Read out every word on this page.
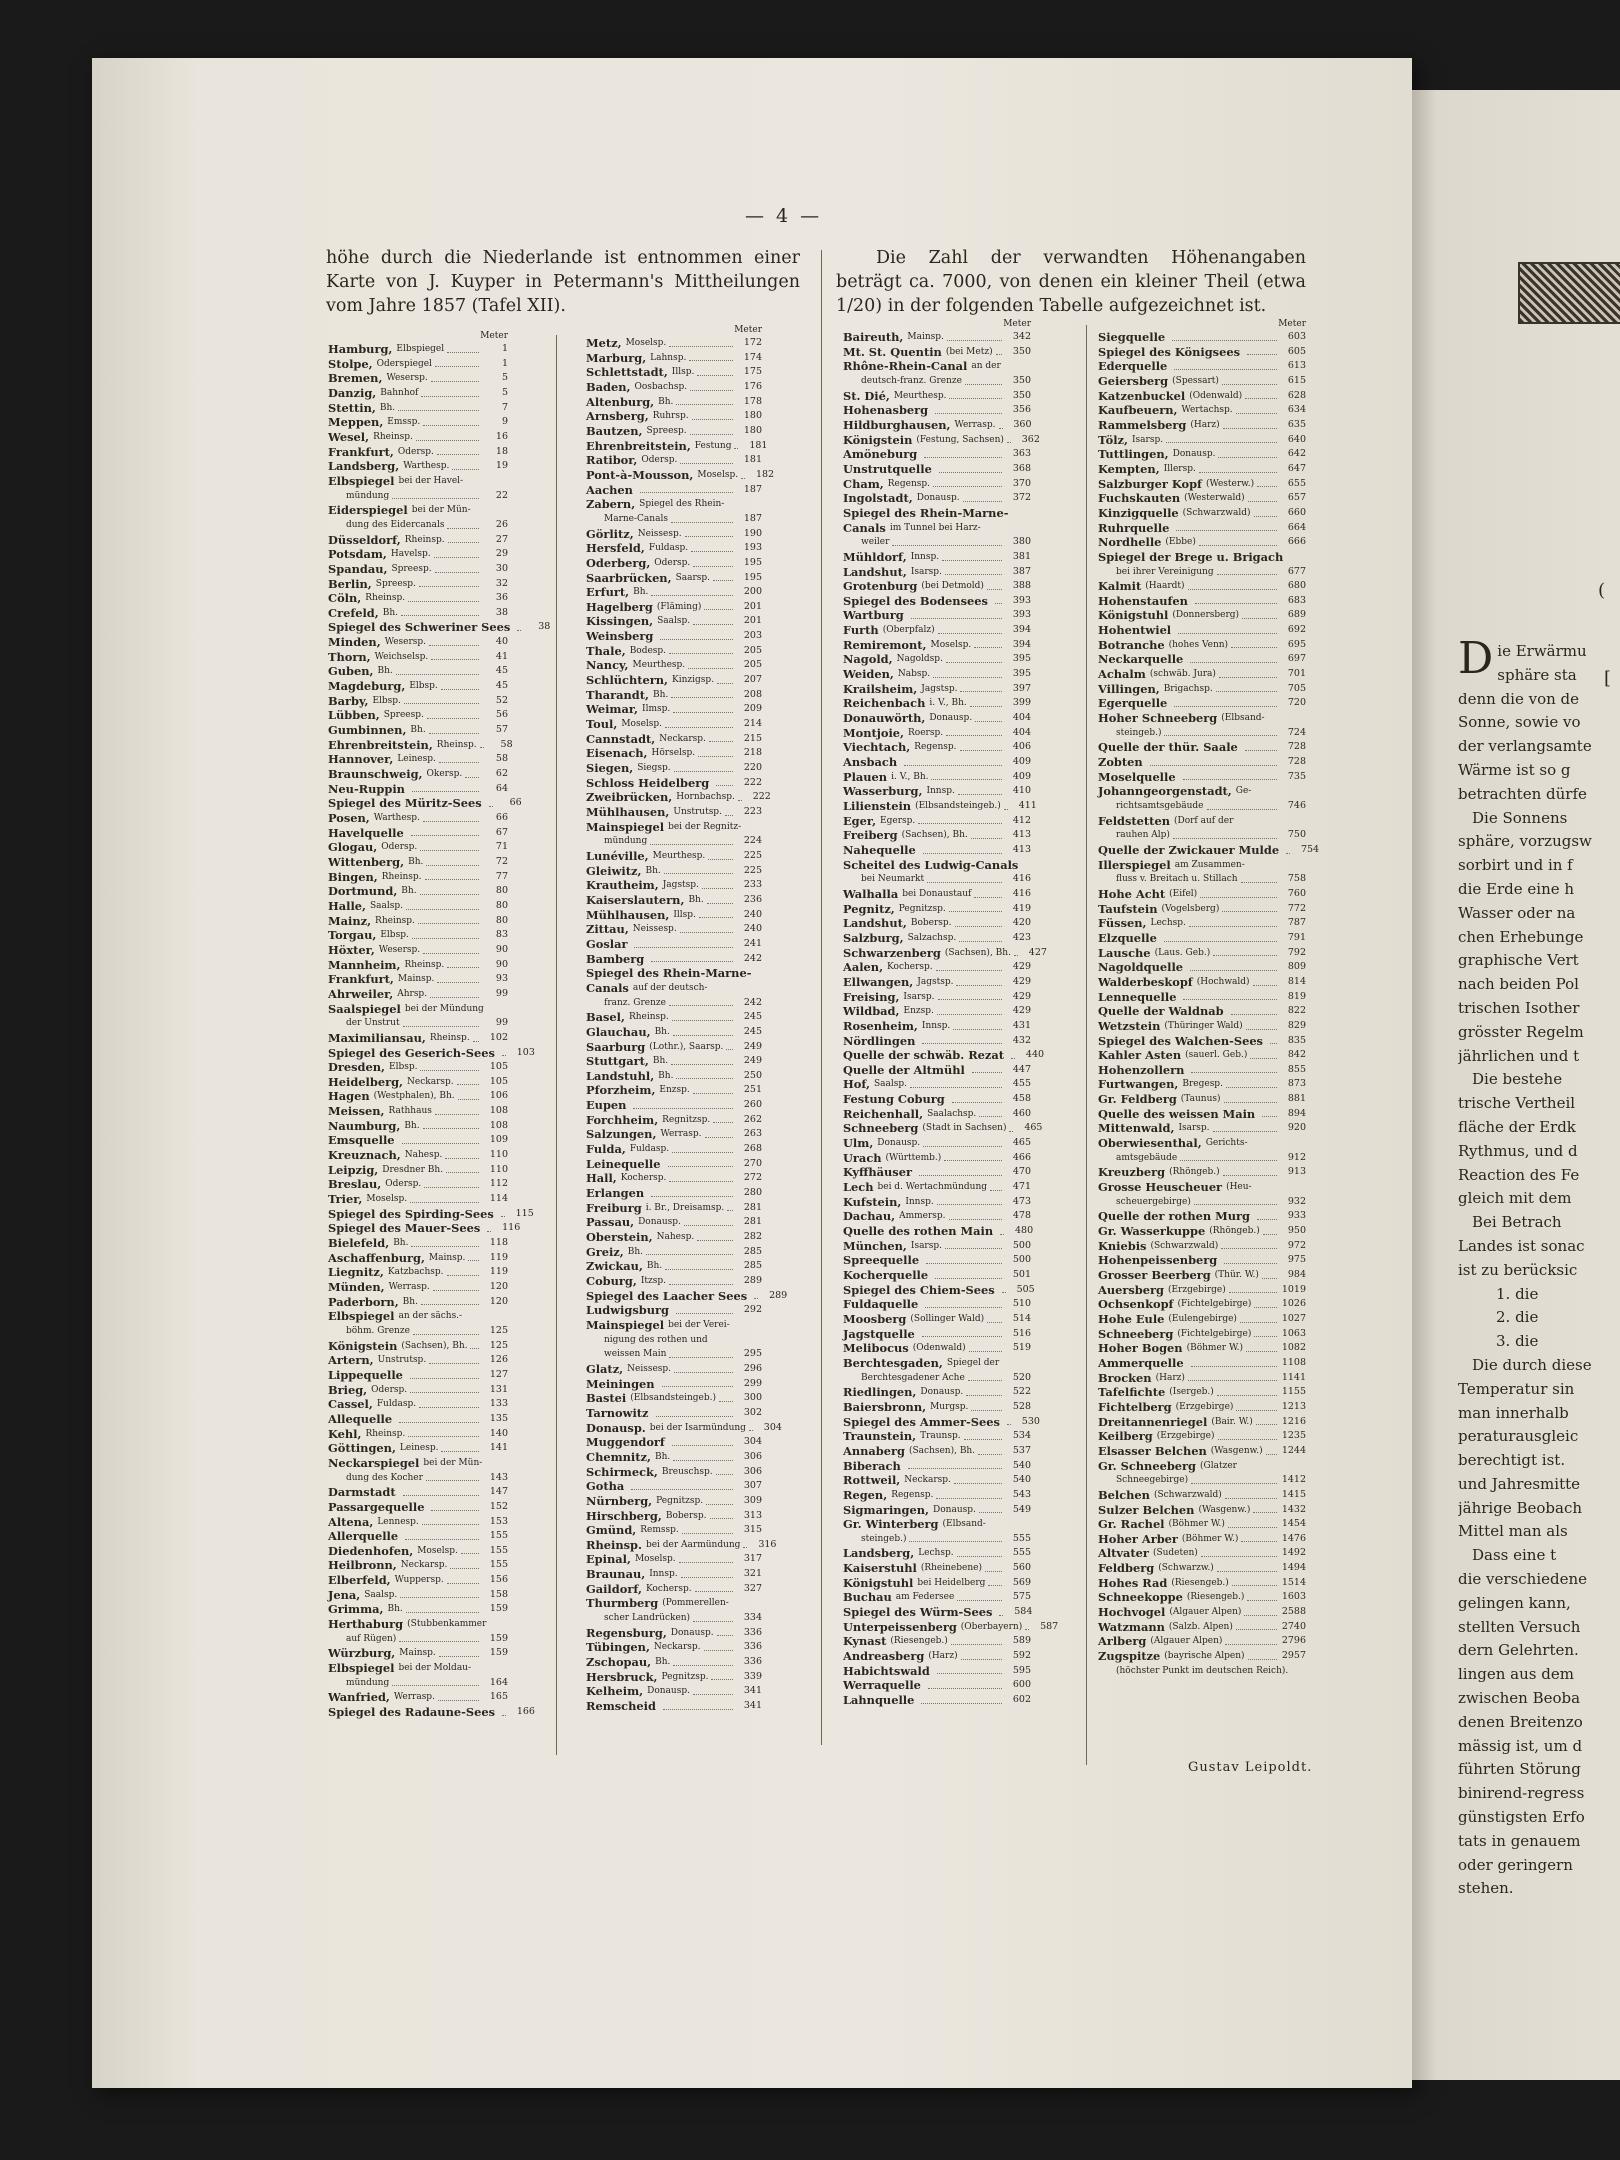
— 4 —
höhe durch die Niederlande ist entnommen einer Karte von J. Kuyper in Petermann's Mittheilungen vom Jahre 1857 (Tafel XII).
Die Zahl der verwandten Höhenangaben beträgt ca. 7000, von denen ein kleiner Theil (etwa 1/20) in der folgenden Tabelle aufgezeichnet ist.
Meter
Hamburg, Elbspiegel	1
Stolpe, Oderspiegel	1
Bremen, Wesersp.	5
Danzig, Bahnhof	5
Stettin, Bh.	7
Meppen, Emssp.	9
Wesel, Rheinsp.	16
Frankfurt, Odersp.	18
Landsberg, Warthesp.	19
Elbspiegel bei der Havel-
mündung	22
Eiderspiegel bei der Mün-
dung des Eidercanals	26
Düsseldorf, Rheinsp.	27
Potsdam, Havelsp.	29
Spandau, Spreesp.	30
Berlin, Spreesp.	32
Cöln, Rheinsp.	36
Crefeld, Bh.	38
Spiegel des Schweriner Sees	38
Minden, Wesersp.	40
Thorn, Weichselsp.	41
Guben, Bh.	45
Magdeburg, Elbsp.	45
Barby, Elbsp.	52
Lübben, Spreesp.	56
Gumbinnen, Bh.	57
Ehrenbreitstein, Rheinsp.	58
Hannover, Leinesp.	58
Braunschweig, Okersp.	62
Neu-Ruppin	64
Spiegel des Müritz-Sees	66
Posen, Warthesp.	66
Havelquelle	67
Glogau, Odersp.	71
Wittenberg, Bh.	72
Bingen, Rheinsp.	77
Dortmund, Bh.	80
Halle, Saalsp.	80
Mainz, Rheinsp.	80
Torgau, Elbsp.	83
Höxter, Wesersp.	90
Mannheim, Rheinsp.	90
Frankfurt, Mainsp.	93
Ahrweiler, Ahrsp.	99
Saalspiegel bei der Mündung
der Unstrut	99
Maximiliansau, Rheinsp.	102
Spiegel des Geserich-Sees	103
Dresden, Elbsp.	105
Heidelberg, Neckarsp.	105
Hagen (Westphalen), Bh.	106
Meissen, Rathhaus	108
Naumburg, Bh.	108
Emsquelle	109
Kreuznach, Nahesp.	110
Leipzig, Dresdner Bh.	110
Breslau, Odersp.	112
Trier, Moselsp.	114
Spiegel des Spirding-Sees	115
Spiegel des Mauer-Sees	116
Bielefeld, Bh.	118
Aschaffenburg, Mainsp.	119
Liegnitz, Katzbachsp.	119
Münden, Werrasp.	120
Paderborn, Bh.	120
Elbspiegel an der sächs.-
böhm. Grenze	125
Königstein (Sachsen), Bh.	125
Artern, Unstrutsp.	126
Lippequelle	127
Brieg, Odersp.	131
Cassel, Fuldasp.	133
Allequelle	135
Kehl, Rheinsp.	140
Göttingen, Leinesp.	141
Neckarspiegel bei der Mün-
dung des Kocher	143
Darmstadt	147
Passargequelle	152
Altena, Lennesp.	153
Allerquelle	155
Diedenhofen, Moselsp.	155
Heilbronn, Neckarsp.	155
Elberfeld, Wuppersp.	156
Jena, Saalsp.	158
Grimma, Bh.	159
Herthaburg (Stubbenkammer
auf Rügen)	159
Würzburg, Mainsp.	159
Elbspiegel bei der Moldau-
mündung	164
Wanfried, Werrasp.	165
Spiegel des Radaune-Sees	166
Meter
Metz, Moselsp.	172
Marburg, Lahnsp.	174
Schlettstadt, Illsp.	175
Baden, Oosbachsp.	176
Altenburg, Bh.	178
Arnsberg, Ruhrsp.	180
Bautzen, Spreesp.	180
Ehrenbreitstein, Festung	181
Ratibor, Odersp.	181
Pont-à-Mousson, Moselsp.	182
Aachen	187
Zabern, Spiegel des Rhein-
Marne-Canals	187
Görlitz, Neissesp.	190
Hersfeld, Fuldasp.	193
Oderberg, Odersp.	195
Saarbrücken, Saarsp.	195
Erfurt, Bh.	200
Hagelberg (Fläming)	201
Kissingen, Saalsp.	201
Weinsberg	203
Thale, Bodesp.	205
Nancy, Meurthesp.	205
Schlüchtern, Kinzigsp.	207
Tharandt, Bh.	208
Weimar, Ilmsp.	209
Toul, Moselsp.	214
Cannstadt, Neckarsp.	215
Eisenach, Hörselsp.	218
Siegen, Siegsp.	220
Schloss Heidelberg	222
Zweibrücken, Hornbachsp.	222
Mühlhausen, Unstrutsp.	223
Mainspiegel bei der Regnitz-
mündung	224
Lunéville, Meurthesp.	225
Gleiwitz, Bh.	225
Krautheim, Jagstsp.	233
Kaiserslautern, Bh.	236
Mühlhausen, Illsp.	240
Zittau, Neissesp.	240
Goslar	241
Bamberg	242
Spiegel des Rhein-Marne-
Canals auf der deutsch-
franz. Grenze	242
Basel, Rheinsp.	245
Glauchau, Bh.	245
Saarburg (Lothr.), Saarsp.	249
Stuttgart, Bh.	249
Landstuhl, Bh.	250
Pforzheim, Enzsp.	251
Eupen	260
Forchheim, Regnitzsp.	262
Salzungen, Werrasp.	263
Fulda, Fuldasp.	268
Leinequelle	270
Hall, Kochersp.	272
Erlangen	280
Freiburg i. Br., Dreisamsp.	281
Passau, Donausp.	281
Oberstein, Nahesp.	282
Greiz, Bh.	285
Zwickau, Bh.	285
Coburg, Itzsp.	289
Spiegel des Laacher Sees	289
Ludwigsburg	292
Mainspiegel bei der Verei-
nigung des rothen und
weissen Main	295
Glatz, Neissesp.	296
Meiningen	299
Bastei (Elbsandsteingeb.)	300
Tarnowitz	302
Donausp. bei der Isarmündung	304
Muggendorf	304
Chemnitz, Bh.	306
Schirmeck, Breuschsp.	306
Gotha	307
Nürnberg, Pegnitzsp.	309
Hirschberg, Bobersp.	313
Gmünd, Remssp.	315
Rheinsp. bei der Aarmündung	316
Epinal, Moselsp.	317
Braunau, Innsp.	321
Gaildorf, Kochersp.	327
Thurmberg (Pommerellen-
scher Landrücken)	334
Regensburg, Donausp.	336
Tübingen, Neckarsp.	336
Zschopau, Bh.	336
Hersbruck, Pegnitzsp.	339
Kelheim, Donausp.	341
Remscheid	341
Meter
Baireuth, Mainsp.	342
Mt. St. Quentin (bei Metz)	350
Rhône-Rhein-Canal an der
deutsch-franz. Grenze	350
St. Dié, Meurthesp.	350
Hohenasberg	356
Hildburghausen, Werrasp.	360
Königstein (Festung, Sachsen)	362
Amöneburg	363
Unstrutquelle	368
Cham, Regensp.	370
Ingolstadt, Donausp.	372
Spiegel des Rhein-Marne-
Canals im Tunnel bei Harz-
weiler	380
Mühldorf, Innsp.	381
Landshut, Isarsp.	387
Grotenburg (bei Detmold)	388
Spiegel des Bodensees	393
Wartburg	393
Furth (Oberpfalz)	394
Remiremont, Moselsp.	394
Nagold, Nagoldsp.	395
Weiden, Nabsp.	395
Krailsheim, Jagstsp.	397
Reichenbach i. V., Bh.	399
Donauwörth, Donausp.	404
Montjoie, Roersp.	404
Viechtach, Regensp.	406
Ansbach	409
Plauen i. V., Bh.	409
Wasserburg, Innsp.	410
Lilienstein (Elbsandsteingeb.)	411
Eger, Egersp.	412
Freiberg (Sachsen), Bh.	413
Nahequelle	413
Scheitel des Ludwig-Canals
bei Neumarkt	416
Walhalla bei Donaustauf	416
Pegnitz, Pegnitzsp.	419
Landshut, Bobersp.	420
Salzburg, Salzachsp.	423
Schwarzenberg (Sachsen), Bh.	427
Aalen, Kochersp.	429
Ellwangen, Jagstsp.	429
Freising, Isarsp.	429
Wildbad, Enzsp.	429
Rosenheim, Innsp.	431
Nördlingen	432
Quelle der schwäb. Rezat	440
Quelle der Altmühl	447
Hof, Saalsp.	455
Festung Coburg	458
Reichenhall, Saalachsp.	460
Schneeberg (Stadt in Sachsen)	465
Ulm, Donausp.	465
Urach (Württemb.)	466
Kyffhäuser	470
Lech bei d. Wertachmündung	471
Kufstein, Innsp.	473
Dachau, Ammersp.	478
Quelle des rothen Main	480
München, Isarsp.	500
Spreequelle	500
Kocherquelle	501
Spiegel des Chiem-Sees	505
Fuldaquelle	510
Moosberg (Sollinger Wald)	514
Jagstquelle	516
Melibocus (Odenwald)	519
Berchtesgaden, Spiegel der
Berchtesgadener Ache	520
Riedlingen, Donausp.	522
Baiersbronn, Murgsp.	528
Spiegel des Ammer-Sees	530
Traunstein, Traunsp.	534
Annaberg (Sachsen), Bh.	537
Biberach	540
Rottweil, Neckarsp.	540
Regen, Regensp.	543
Sigmaringen, Donausp.	549
Gr. Winterberg (Elbsand-
steingeb.)	555
Landsberg, Lechsp.	555
Kaiserstuhl (Rheinebene)	560
Königstuhl bei Heidelberg	569
Buchau am Federsee	575
Spiegel des Würm-Sees	584
Unterpeissenberg (Oberbayern)	587
Kynast (Riesengeb.)	589
Andreasberg (Harz)	592
Habichtswald	595
Werraquelle	600
Lahnquelle	602
Meter
Siegquelle	603
Spiegel des Königsees	605
Ederquelle	613
Geiersberg (Spessart)	615
Katzenbuckel (Odenwald)	628
Kaufbeuern, Wertachsp.	634
Rammelsberg (Harz)	635
Tölz, Isarsp.	640
Tuttlingen, Donausp.	642
Kempten, Illersp.	647
Salzburger Kopf (Westerw.)	655
Fuchskauten (Westerwald)	657
Kinzigquelle (Schwarzwald)	660
Ruhrquelle	664
Nordhelle (Ebbe)	666
Spiegel der Brege u. Brigach
bei ihrer Vereinigung	677
Kalmit (Haardt)	680
Hohenstaufen	683
Königstuhl (Donnersberg)	689
Hohentwiel	692
Botranche (hohes Venn)	695
Neckarquelle	697
Achalm (schwäb. Jura)	701
Villingen, Brigachsp.	705
Egerquelle	720
Hoher Schneeberg (Elbsand-
steingeb.)	724
Quelle der thür. Saale	728
Zobten	728
Moselquelle	735
Johanngeorgenstadt, Ge-
richtsamtsgebäude	746
Feldstetten (Dorf auf der
rauhen Alp)	750
Quelle der Zwickauer Mulde	754
Illerspiegel am Zusammen-
fluss v. Breitach u. Stillach	758
Hohe Acht (Eifel)	760
Taufstein (Vogelsberg)	772
Füssen, Lechsp.	787
Elzquelle	791
Lausche (Laus. Geb.)	792
Nagoldquelle	809
Walderbeskopf (Hochwald)	814
Lennequelle	819
Quelle der Waldnab	822
Wetzstein (Thüringer Wald)	829
Spiegel des Walchen-Sees	835
Kahler Asten (sauerl. Geb.)	842
Hohenzollern	855
Furtwangen, Bregesp.	873
Gr. Feldberg (Taunus)	881
Quelle des weissen Main	894
Mittenwald, Isarsp.	920
Oberwiesenthal, Gerichts-
amtsgebäude	912
Kreuzberg (Rhöngeb.)	913
Grosse Heuscheuer (Heu-
scheuergebirge)	932
Quelle der rothen Murg	933
Gr. Wasserkuppe (Rhöngeb.)	950
Kniebis (Schwarzwald)	972
Hohenpeissenberg	975
Grosser Beerberg (Thür. W.)	984
Auersberg (Erzgebirge)	1019
Ochsenkopf (Fichtelgebirge)	1026
Hohe Eule (Eulengebirge)	1027
Schneeberg (Fichtelgebirge)	1063
Hoher Bogen (Böhmer W.)	1082
Ammerquelle	1108
Brocken (Harz)	1141
Tafelfichte (Isergeb.)	1155
Fichtelberg (Erzgebirge)	1213
Dreitannenriegel (Bair. W.)	1216
Keilberg (Erzgebirge)	1235
Elsasser Belchen (Wasgenw.) 1244
Gr. Schneeberg (Glatzer
Schneegebirge)	1412
Belchen (Schwarzwald)	1415
Sulzer Belchen (Wasgenw.)	1432
Gr. Rachel (Böhmer W.)	1454
Hoher Arber (Böhmer W.)	1476
Altvater (Sudeten)	1492
Feldberg (Schwarzw.)	1494
Hohes Rad (Riesengeb.)	1514
Schneekoppe (Riesengeb.)	1603
Hochvogel (Algauer Alpen)	2588
Watzmann (Salzb. Alpen)	2740
Arlberg (Algauer Alpen)	2796
Zugspitze (bayrische Alpen)	2957
(höchster Punkt im deutschen Reich).
Gustav Leipoldt.
(
[
D ie Erwärmu
sphäre sta
denn die von de
Sonne, sowie vo
der verlangsamte
Wärme ist so g
betrachten dürfe
Die Sonnens
sphäre, vorzugsw
sorbirt und in f
die Erde eine h
Wasser oder na
chen Erhebunge
graphische Vert
nach beiden Pol
trischen Isother
grösster Regelm
jährlichen und t
Die bestehe
trische Vertheil
fläche der Erdk
Rythmus, und d
Reaction des Fe
gleich mit dem
Bei Betrach
Landes ist sonac
ist zu berücksic
1. die
2. die
3. die
Die durch diese
Temperatur sin
man innerhalb
peraturausgleic
berechtigt ist.
und Jahresmitte
jährige Beobach
Mittel man als
Dass eine t
die verschiedene
gelingen kann,
stellten Versuch
dern Gelehrten.
lingen aus dem
zwischen Beoba
denen Breitenzo
mässig ist, um d
führten Störung
binirend-regress
günstigsten Erfo
tats in genauem
oder geringern
stehen.
